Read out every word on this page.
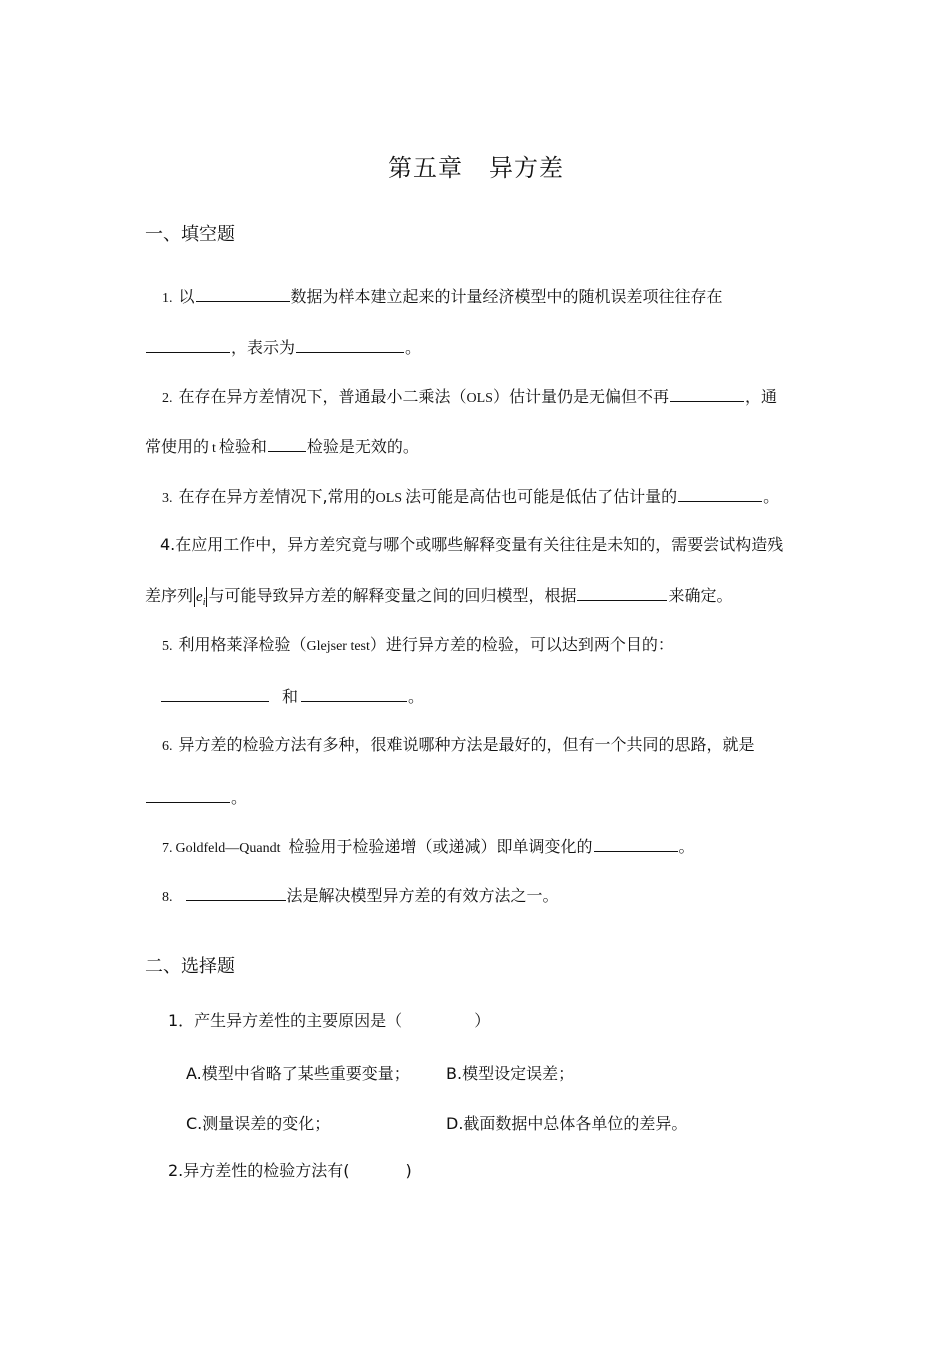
第五章 异方差
一、填空题
1. 以	数据为样本建立起来的计量经济模型中的随机误差项往往存在
，表示为	。
2. 在存在异方差情况下，普通最小二乘法（OLS）估计量仍是无偏但不再	，通
常使用的 t 检验和	检验是无效的。
3. 在存在异方差情况下,常用的OLS 法可能是高估也可能是低估了估计量的	。
4.在应用工作中，异方差究竟与哪个或哪些解释变量有关往往是未知的，需要尝试构造残
差序列 $e_i$ 与可能导致异方差的解释变量之间的回归模型，根据	来确定。
5. 利用格莱泽检验（Glejser test）进行异方差的检验，可以达到两个目的：
和	。
6. 异方差的检验方法有多种，很难说哪种方法是最好的，但有一个共同的思路，就是
。
7. Goldfeld—Quandt 检验用于检验递增（或递减）即单调变化的	。
8.	法是解决模型异方差的有效方法之一。
二、选择题
1．产生异方差性的主要原因是（	）
A.模型中省略了某些重要变量； B.模型设定误差；
C.测量误差的变化；	D.截面数据中总体各单位的差异。
2.异方差性的检验方法有(	)
